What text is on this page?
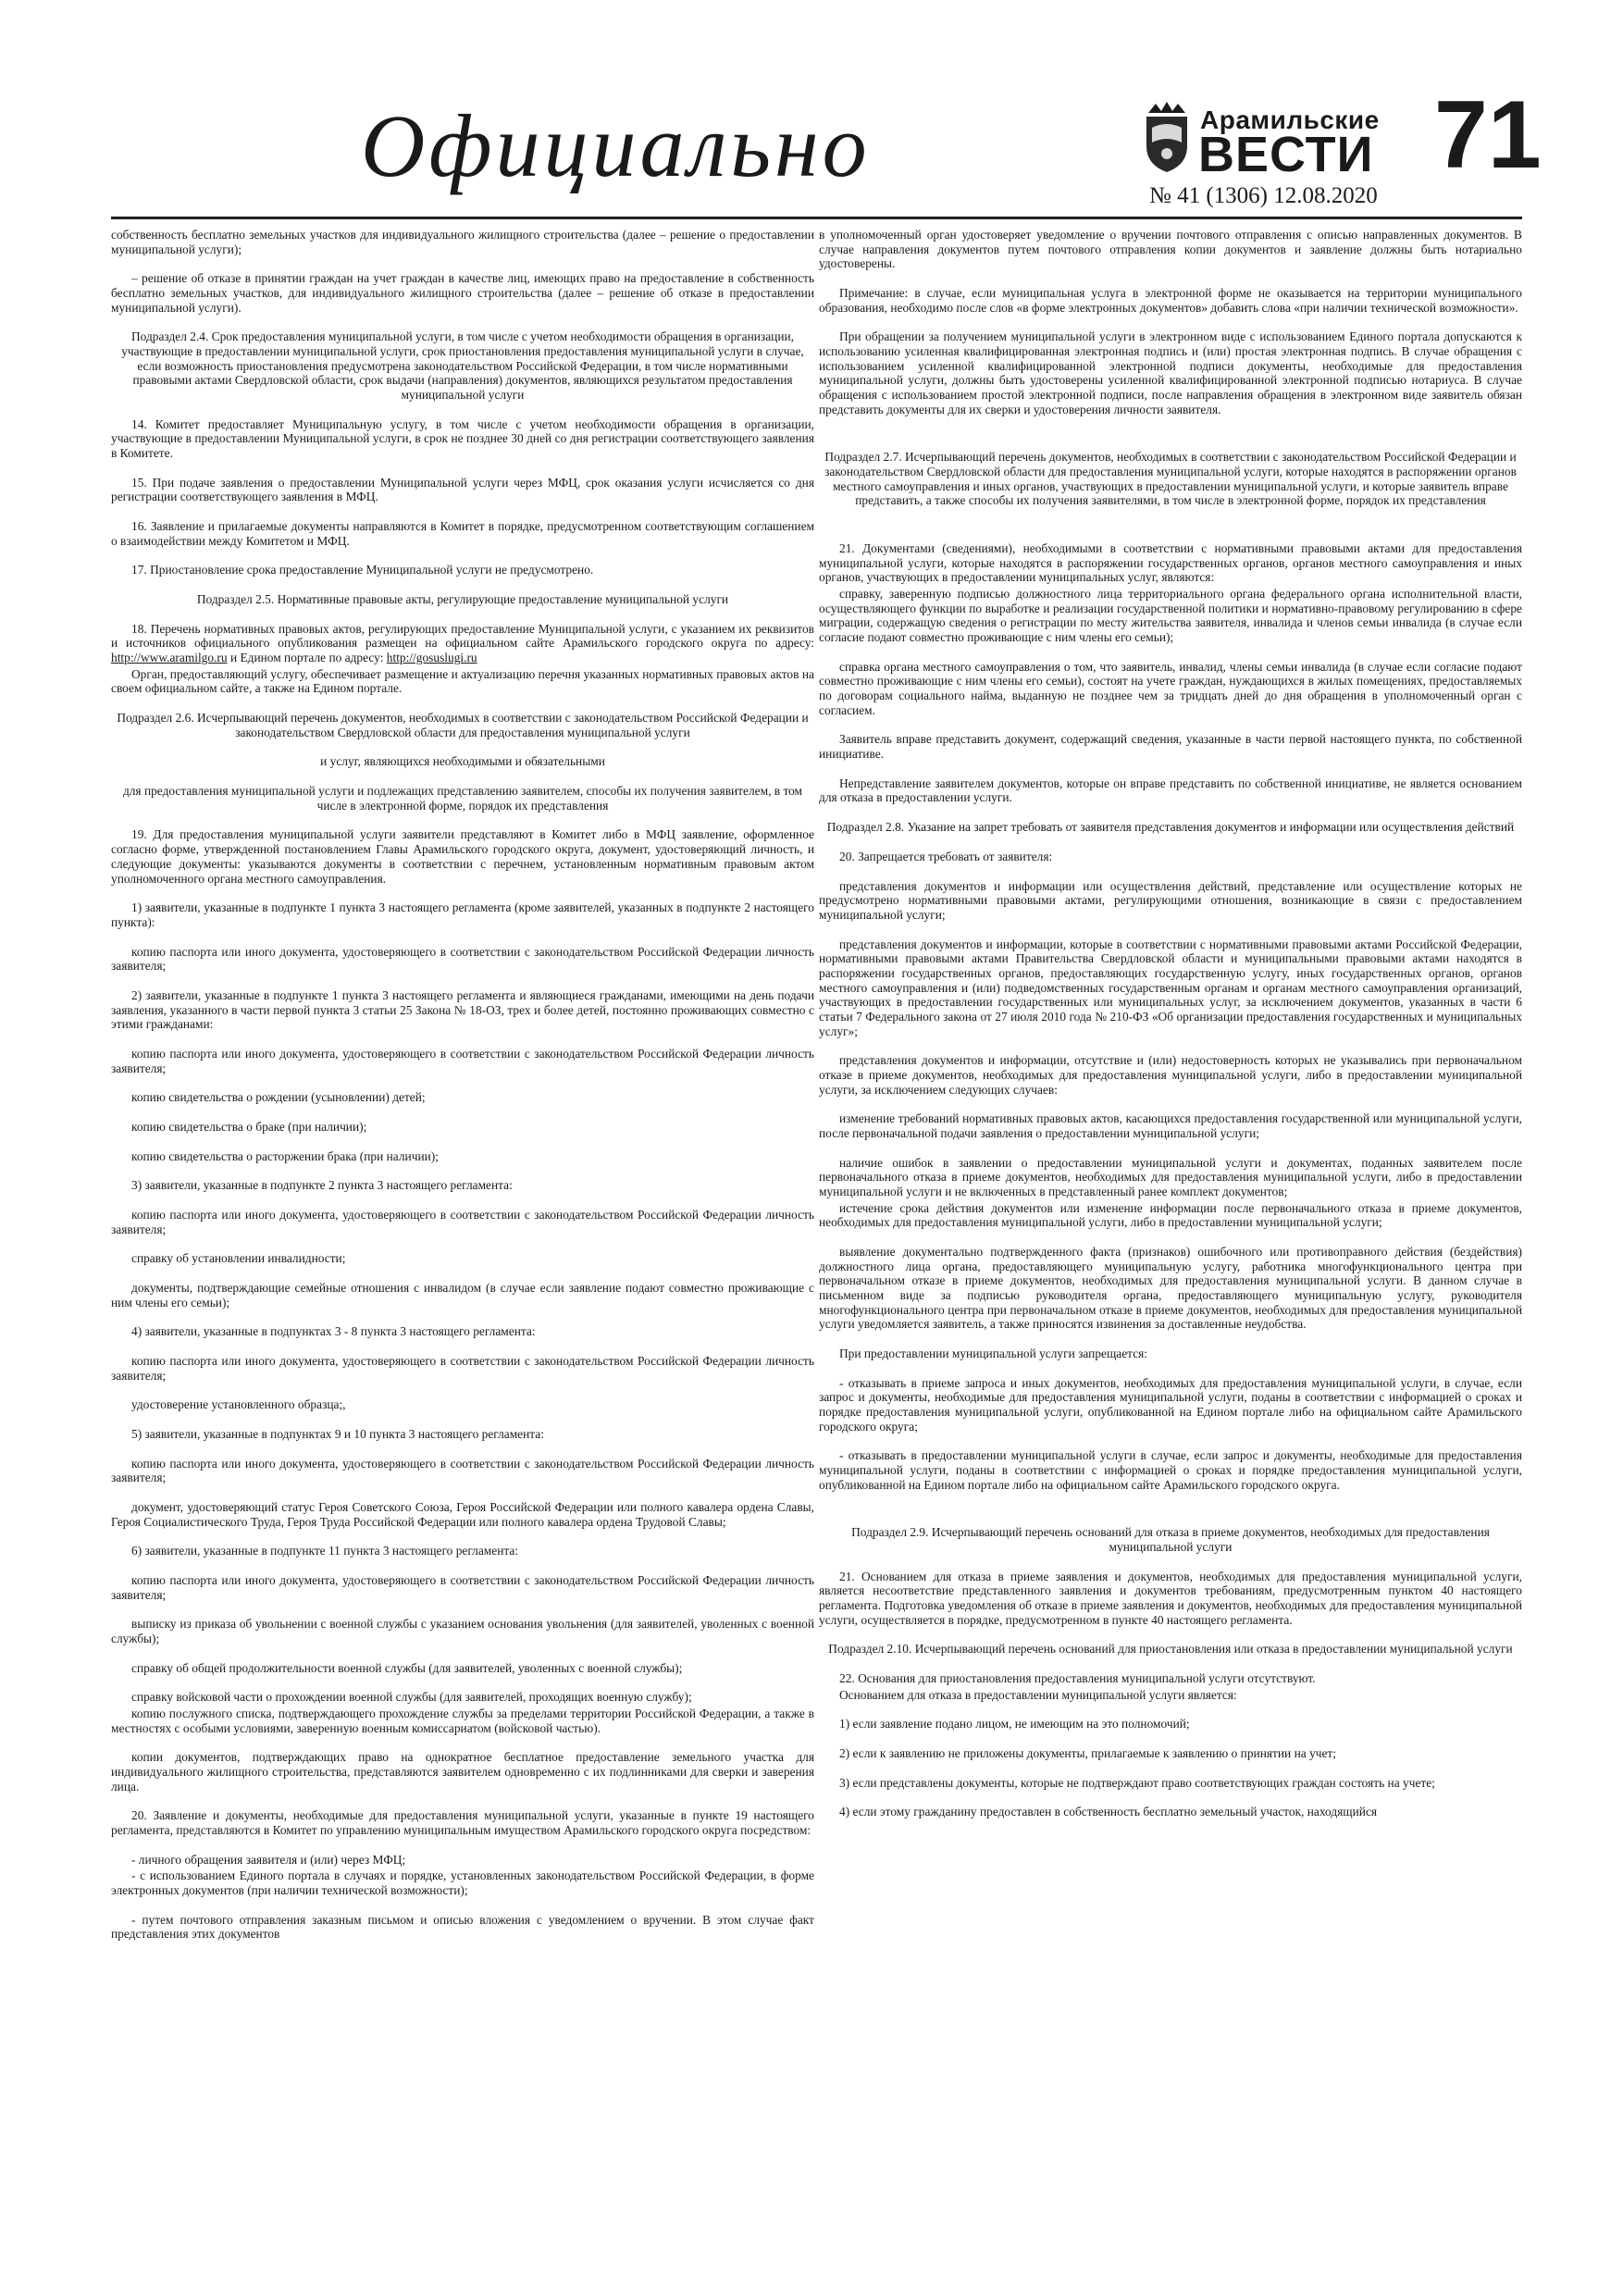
Официально	Арамильские
ВЕСТИ
№ 41 (1306) 12.08.2020
71

собственность бесплатно земельных участков для индивидуального жилищного строительства (далее – решение о предоставлении муниципальной услуги);

– решение об отказе в принятии граждан на учет граждан в качестве лиц, имеющих право на предоставление в собственность бесплатно земельных участков, для индивидуального жилищного строительства (далее – решение об отказе в предоставлении муниципальной услуги).

Подраздел 2.4. Срок предоставления муниципальной услуги, в том числе с учетом необходимости обращения в организации, участвующие в предоставлении муниципальной услуги, срок приостановления предоставления муниципальной услуги в случае, если возможность приостановления предусмотрена законодательством Российской Федерации, в том числе нормативными правовыми актами Свердловской области, срок выдачи (направления) документов, являющихся результатом предоставления муниципальной услуги

14. Комитет предоставляет Муниципальную услугу, в том числе с учетом необходимости обращения в организации, участвующие в предоставлении Муниципальной услуги, в срок не позднее 30 дней со дня регистрации соответствующего заявления в Комитете.

15. При подаче заявления о предоставлении Муниципальной услуги через МФЦ, срок оказания услуги исчисляется со дня регистрации соответствующего заявления в МФЦ.

16. Заявление и прилагаемые документы направляются в Комитет в порядке, предусмотренном соответствующим соглашением о взаимодействии между Комитетом и МФЦ.

17. Приостановление срока предоставление Муниципальной услуги не предусмотрено.

Подраздел 2.5. Нормативные правовые акты, регулирующие предоставление муниципальной услуги

18. Перечень нормативных правовых актов, регулирующих предоставление Муниципальной услуги, с указанием их реквизитов и источников официального опубликования размещен на официальном сайте Арамильского городского округа по адресу: http://www.aramilgo.ru и Едином портале по адресу: http://gosuslugi.ru

Орган, предоставляющий услугу, обеспечивает размещение и актуализацию перечня указанных нормативных правовых актов на своем официальном сайте, а также на Едином портале.

Подраздел 2.6. Исчерпывающий перечень документов, необходимых в соответствии с законодательством Российской Федерации и законодательством Свердловской области для предоставления муниципальной услуги

и услуг, являющихся необходимыми и обязательными

для предоставления муниципальной услуги и подлежащих представлению заявителем, способы их получения заявителем, в том числе в электронной форме, порядок их представления

19. Для предоставления муниципальной услуги заявители представляют в Комитет либо в МФЦ заявление, оформленное согласно форме, утвержденной постановлением Главы Арамильского городского округа, документ, удостоверяющий личность, и следующие документы: указываются документы в соответствии с перечнем, установленным нормативным правовым актом уполномоченного органа местного самоуправления.

1) заявители, указанные в подпункте 1 пункта 3 настоящего регламента (кроме заявителей, указанных в подпункте 2 настоящего пункта):

копию паспорта или иного документа, удостоверяющего в соответствии с законодательством Российской Федерации личность заявителя;

2) заявители, указанные в подпункте 1 пункта 3 настоящего регламента и являющиеся гражданами, имеющими на день подачи заявления, указанного в части первой пункта 3 статьи 25 Закона № 18-ОЗ, трех и более детей, постоянно проживающих совместно с этими гражданами:

копию паспорта или иного документа, удостоверяющего в соответствии с законодательством Российской Федерации личность заявителя;

копию свидетельства о рождении (усыновлении) детей;

копию свидетельства о браке (при наличии);

копию свидетельства о расторжении брака (при наличии);

3) заявители, указанные в подпункте 2 пункта 3 настоящего регламента:

копию паспорта или иного документа, удостоверяющего в соответствии с законодательством Российской Федерации личность заявителя;

справку об установлении инвалидности;

документы, подтверждающие семейные отношения с инвалидом (в случае если заявление подают совместно проживающие с ним члены его семьи);

4) заявители, указанные в подпунктах 3 - 8 пункта 3 настоящего регламента:

копию паспорта или иного документа, удостоверяющего в соответствии с законодательством Российской Федерации личность заявителя;

удостоверение установленного образца;,

5) заявители, указанные в подпунктах 9 и 10 пункта 3 настоящего регламента:

копию паспорта или иного документа, удостоверяющего в соответствии с законодательством Российской Федерации личность заявителя;

документ, удостоверяющий статус Героя Советского Союза, Героя Российской Федерации или полного кавалера ордена Славы, Героя Социалистического Труда, Героя Труда Российской Федерации или полного кавалера ордена Трудовой Славы;

6) заявители, указанные в подпункте 11 пункта 3 настоящего регламента:

копию паспорта или иного документа, удостоверяющего в соответствии с законодательством Российской Федерации личность заявителя;

выписку из приказа об увольнении с военной службы с указанием основания увольнения (для заявителей, уволенных с военной службы);

справку об общей продолжительности военной службы (для заявителей, уволенных с военной службы);

справку войсковой части о прохождении военной службы (для заявителей, проходящих военную службу);

копию послужного списка, подтверждающего прохождение службы за пределами территории Российской Федерации, а также в местностях с особыми условиями, завеpенную военным комиссаpиатом (войсковой частью).

копии документов, подтверждающих право на однократное бесплатное предоставление земельного участка для индивидуального жилищного строительства, представляются заявителем одновременно с их подлинниками для сверки и заверения лица.

20. Заявление и документы, необходимые для предоставления муниципальной услуги, указанные в пункте 19 настоящего регламента, представляются в Комитет по управлению муниципальным имуществом Арамильского городского округа посредством:

- личного обращения заявителя и (или) через МФЦ;

- с использованием Единого портала в случаях и порядке, установленных законодательством Российской Федерации, в форме электронных документов (при наличии технической возможности);

- путем почтового отправления заказным письмом и описью вложения с уведомлением о вручении. В этом случае факт представления этих документов

в уполномоченный орган удостоверяет уведомление о вручении почтового отправления с описью направленных документов. В случае направления документов путем почтового отправления копии документов и заявление должны быть нотариально удостоверены.

Примечание: в случае, если муниципальная услуга в электронной форме не оказывается на территории муниципального образования, необходимо после слов «в форме электронных документов» добавить слова «при наличии технической возможности».

При обращении за получением муниципальной услуги в электронном виде с использованием Единого портала допускаются к использованию усиленная квалифицированная электронная подпись и (или) простая электронная подпись. В случае обращения с использованием усиленной квалифицированной электронной подписи документы, необходимые для предоставления муниципальной услуги, должны быть удостоверены усиленной квалифицированной электронной подписью нотариуса. В случае обращения с использованием простой электронной подписи, после направления обращения в электронном виде заявитель обязан представить документы для их сверки и удостоверения личности заявителя.

Подраздел 2.7. Исчерпывающий перечень документов, необходимых в соответствии с законодательством Российской Федерации и законодательством Свердловской области для предоставления муниципальной услуги, которые находятся в распоряжении органов местного самоуправления и иных органов, участвующих в предоставлении муниципальной услуги, и которые заявитель вправе представить, а также способы их получения заявителями, в том числе в электронной форме, порядок их представления

21. Документами (сведениями), необходимыми в соответствии с нормативными правовыми актами для предоставления муниципальной услуги, которые находятся в распоряжении государственных органов, органов местного самоуправления и иных органов, участвующих в предоставлении муниципальных услуг, являются:

справку, заверенную подписью должностного лица территориального органа федерального органа исполнительной власти, осуществляющего функции по выработке и реализации государственной политики и нормативно-правовому регулированию в сфере миграции, содержащую сведения о регистрации по месту жительства заявителя, инвалида и членов семьи инвалида (в случае если согласие подают совместно проживающие с ним члены его семьи);

справка органа местного самоуправления о том, что заявитель, инвалид, члены семьи инвалида (в случае если согласие подают совместно проживающие с ним члены его семьи), состоят на учете граждан, нуждающихся в жилых помещениях, предоставляемых по договорам социального найма, выданную не позднее чем за тридцать дней до дня обращения в уполномоченный орган с согласием.

Заявитель вправе представить документ, содержащий сведения, указанные в части первой настоящего пункта, по собственной инициативе.

Непредставление заявителем документов, которые он вправе представить по собственной инициативе, не является основанием для отказа в предоставлении услуги.

Подраздел 2.8. Указание на запрет требовать от заявителя представления документов и информации или осуществления действий

20. Запрещается требовать от заявителя:

представления документов и информации или осуществления действий, представление или осуществление которых не предусмотрено нормативными правовыми актами, регулирующими отношения, возникающие в связи с предоставлением муниципальной услуги;

представления документов и информации, которые в соответствии с нормативными правовыми актами Российской Федерации, нормативными правовыми актами Правительства Свердловской области и муниципальными правовыми актами находятся в распоряжении государственных органов, предоставляющих государственную услугу, иных государственных органов, органов местного самоуправления и (или) подведомственных государственным органам и органам местного самоуправления организаций, участвующих в предоставлении государственных или муниципальных услуг, за исключением документов, указанных в части 6 статьи 7 Федерального закона от 27 июля 2010 года № 210-ФЗ «Об организации предоставления государственных и муниципальных услуг»;

представления документов и информации, отсутствие и (или) недостоверность которых не указывались при первоначальном отказе в приеме документов, необходимых для предоставления муниципальной услуги, либо в предоставлении муниципальной услуги, за исключением следующих случаев:

изменение требований нормативных правовых актов, касающихся предоставления государственной или муниципальной услуги, после первоначальной подачи заявления о предоставлении муниципальной услуги;

наличие ошибок в заявлении о предоставлении муниципальной услуги и документах, поданных заявителем после первоначального отказа в приеме документов, необходимых для предоставления муниципальной услуги, либо в предоставлении муниципальной услуги и не включенных в представленный ранее комплект документов;

истечение срока действия документов или изменение информации после первоначального отказа в приеме документов, необходимых для предоставления муниципальной услуги, либо в предоставлении муниципальной услуги;

выявление документально подтвержденного факта (признаков) ошибочного или противоправного действия (бездействия) должностного лица органа, предоставляющего муниципальную услугу, работника многофункционального центра при первоначальном отказе в приеме документов, необходимых для предоставления муниципальной услуги. В данном случае в письменном виде за подписью руководителя органа, предоставляющего муниципальную услугу, руководителя многофункционального центра при первоначальном отказе в приеме документов, необходимых для предоставления муниципальной услуги уведомляется заявитель, а также приносятся извинения за доставленные неудобства.

При предоставлении муниципальной услуги запрещается:

- отказывать в приеме запроса и иных документов, необходимых для предоставления муниципальной услуги, в случае, если запрос и документы, необходимые для предоставления муниципальной услуги, поданы в соответствии с информацией о сроках и порядке предоставления муниципальной услуги, опубликованной на Едином портале либо на официальном сайте Арамильского городского округа;

- отказывать в предоставлении муниципальной услуги в случае, если запрос и документы, необходимые для предоставления муниципальной услуги, поданы в соответствии с информацией о сроках и порядке предоставления муниципальной услуги, опубликованной на Едином портале либо на официальном сайте Арамильского городского округа.

Подраздел 2.9. Исчерпывающий перечень оснований для отказа в приеме документов, необходимых для предоставления муниципальной услуги

21. Основанием для отказа в приеме заявления и документов, необходимых для предоставления муниципальной услуги, является несоответствие представленного заявления и документов требованиям, предусмотренным пунктом 40 настоящего регламента. Подготовка уведомления об отказе в приеме заявления и документов, необходимых для предоставления муниципальной услуги, осуществляется в порядке, предусмотренном в пункте 40 настоящего регламента.

Подраздел 2.10. Исчерпывающий перечень оснований для приостановления или отказа в предоставлении муниципальной услуги

22. Основания для приостановления предоставления муниципальной услуги отсутствуют.

Основанием для отказа в предоставлении муниципальной услуги является:

1) если заявление подано лицом, не имеющим на это полномочий;

2) если к заявлению не приложены документы, прилагаемые к заявлению о принятии на учет;

3) если представлены документы, которые не подтверждают право соответствующих граждан состоять на учете;

4) если этому гражданину предоставлен в собственность бесплатно земельный участок, находящийся
